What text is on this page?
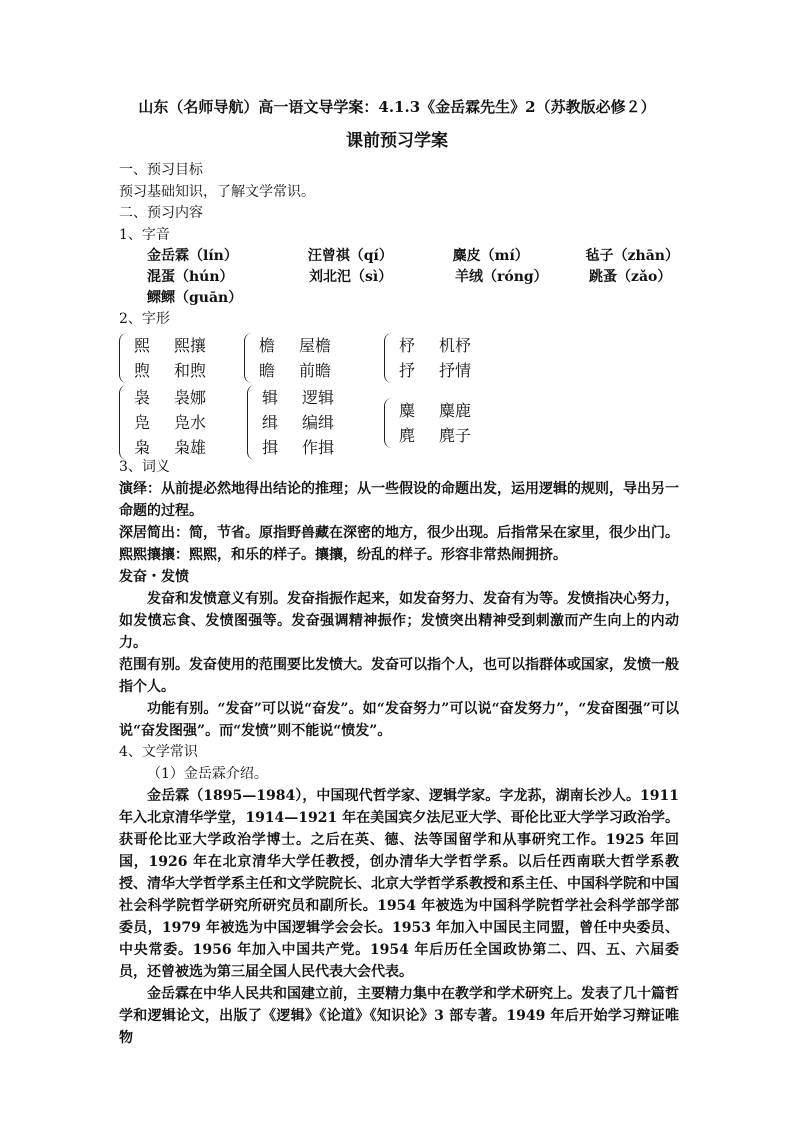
山东（名师导航）高一语文导学案：4.1.3《金岳霖先生》2（苏教版必修２）
课前预习学案
一、预习目标
预习基础知识，了解文学常识。
二、预习内容
1、字音
金岳霖（lín）	汪曾祺（qí）	麋皮（mí）	毡子（zhān）
混蛋（hún）	刘北汜（sì）	羊绒（róng）	跳蚤（zǎo）
鳏鳏（guān）
2、字形
熙	熙攘
煦	和煦
檐	屋檐
瞻	前瞻
杼	机杼
抒	抒情
袅	袅娜
凫	凫水
枭	枭雄
辑	逻辑
缉	编缉
揖	作揖
麋	麋鹿
麂	麂子
3、词义

演绎：从前提必然地得出结论的推理；从一些假设的命题出发，运用逻辑的规则，导出另一命题的过程。

深居简出：简，节省。原指野兽藏在深密的地方，很少出现。后指常呆在家里，很少出门。

熙熙攘攘：熙熙，和乐的样子。攘攘，纷乱的样子。形容非常热闹拥挤。

发奋・发愤

发奋和发愤意义有别。发奋指振作起来，如发奋努力、发奋有为等。发愤指决心努力，如发愤忘食、发愤图强等。发奋强调精神振作；发愤突出精神受到刺激而产生向上的内动力。

范围有别。发奋使用的范围要比发愤大。发奋可以指个人，也可以指群体或国家，发愤一般指个人。

功能有别。“发奋”可以说“奋发”。如“发奋努力”可以说“奋发努力”，“发奋图强”可以说“奋发图强”。而“发愤”则不能说“愤发”。

4、文学常识
（1）金岳霖介绍。

金岳霖（1895—1984），中国现代哲学家、逻辑学家。字龙荪，湖南长沙人。1911 年入北京清华学堂，1914—1921 年在美国宾夕法尼亚大学、哥伦比亚大学学习政治学。获哥伦比亚大学政治学博士。之后在英、德、法等国留学和从事研究工作。1925 年回国，1926 年在北京清华大学任教授，创办清华大学哲学系。以后任西南联大哲学系教授、清华大学哲学系主任和文学院院长、北京大学哲学系教授和系主任、中国科学院和中国社会科学院哲学研究所研究员和副所长。1954 年被选为中国科学院哲学社会科学部学部委员，1979 年被选为中国逻辑学会会长。1953 年加入中国民主同盟，曾任中央委员、中央常委。1956 年加入中国共产党。1954 年后历任全国政协第二、四、五、六届委员，还曾被选为第三届全国人民代表大会代表。

金岳霖在中华人民共和国建立前，主要精力集中在教学和学术研究上。发表了几十篇哲学和逻辑论文，出版了《逻辑》《论道》《知识论》3 部专著。1949 年后开始学习辩证唯物
